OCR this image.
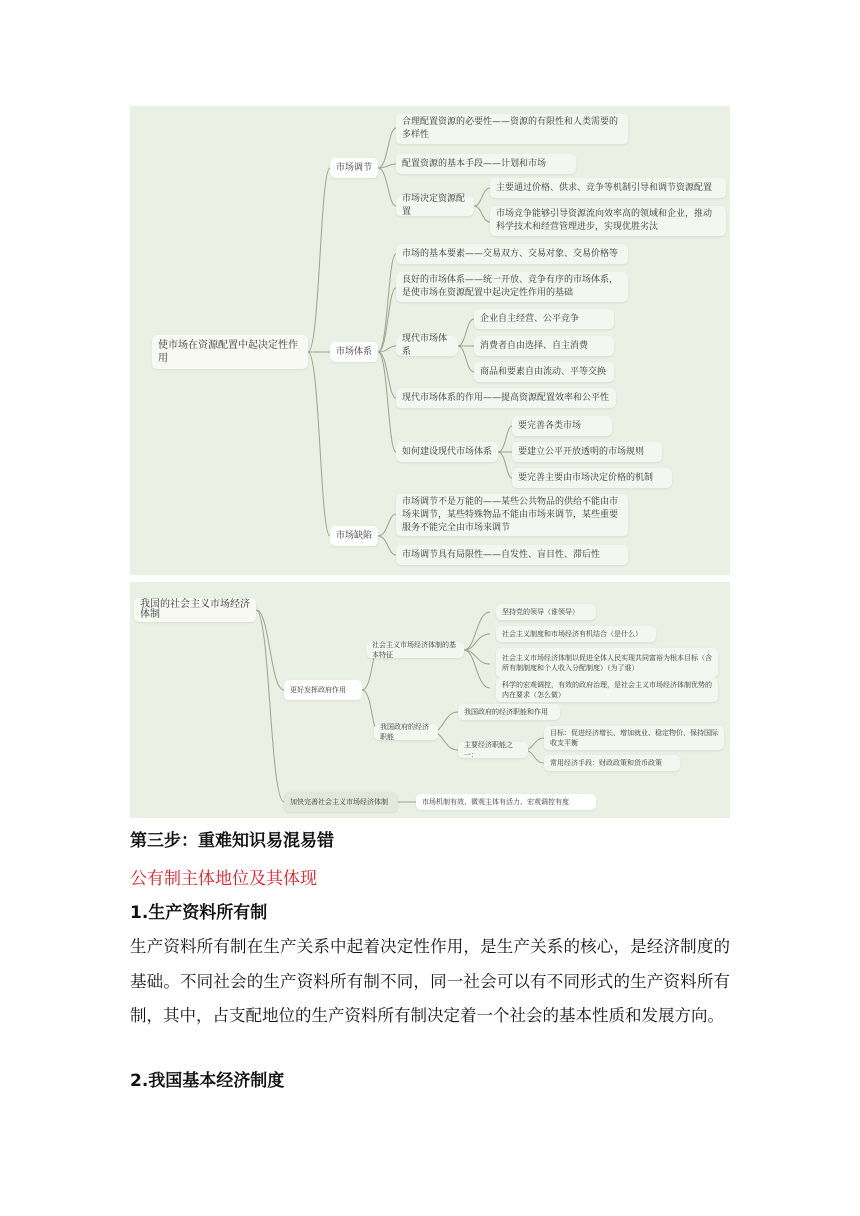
使市场在资源配置中起决定性作用
市场调节
合理配置资源的必要性——资源的有限性和人类需要的多样性
配置资源的基本手段——计划和市场
市场决定资源配置
主要通过价格、供求、竞争等机制引导和调节资源配置
市场竞争能够引导资源流向效率高的领域和企业，推动科学技术和经营管理进步，实现优胜劣汰
市场体系
市场的基本要素——交易双方、交易对象、交易价格等
良好的市场体系——统一开放、竞争有序的市场体系，是使市场在资源配置中起决定性作用的基础
现代市场体系
企业自主经营、公平竞争
消费者自由选择、自主消费
商品和要素自由流动、平等交换
现代市场体系的作用——提高资源配置效率和公平性
如何建设现代市场体系
要完善各类市场
要建立公平开放透明的市场规则
要完善主要由市场决定价格的机制
市场缺陷
市场调节不是万能的——某些公共物品的供给不能由市场来调节，某些特殊物品不能由市场来调节，某些重要服务不能完全由市场来调节
市场调节具有局限性——自发性、盲目性、滞后性
我国的社会主义市场经济体制
更好发挥政府作用
社会主义市场经济体制的基本特征
坚持党的领导（谁领导）
社会主义制度和市场经济有机结合（是什么）
社会主义市场经济体制以促进全体人民实现共同富裕为根本目标（含所有制制度和个人收入分配制度）（为了谁）
科学的宏观调控，有效的政府治理，是社会主义市场经济体制优势的内在要求（怎么做）
我国政府的经济职能
我国政府的经济职能和作用
主要经济职能之一：
目标：促进经济增长、增加就业、稳定物价、保持国际收支平衡
常用经济手段：财政政策和货币政策
加快完善社会主义市场经济体制	市场机制有效、微观主体有活力、宏观调控有度
第三步：重难知识易混易错
公有制主体地位及其体现
1.生产资料所有制
生产资料所有制在生产关系中起着决定性作用，是生产关系的核心，是经济制度的基础。不同社会的生产资料所有制不同，同一社会可以有不同形式的生产资料所有制，其中，占支配地位的生产资料所有制决定着一个社会的基本性质和发展方向。
2.我国基本经济制度
